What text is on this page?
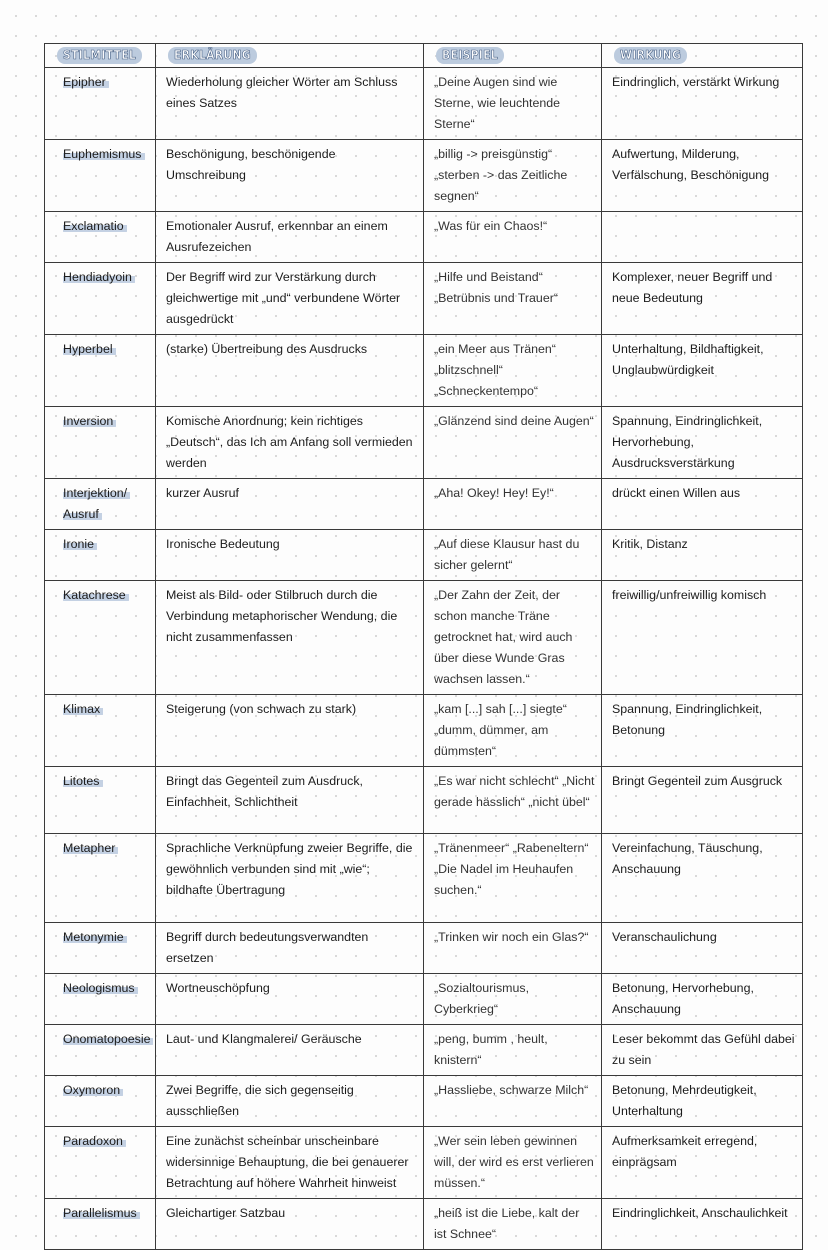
STILMITTEL	ERKLÄRUNG	BEISPIEL	WIRKUNG
Epipher	Wiederholung gleicher Wörter am Schluss eines Satzes	„Deine Augen sind wie Sterne, wie leuchtende Sterne“	Eindringlich, verstärkt Wirkung
Euphemismus	Beschönigung, beschönigende Umschreibung	„billig -> preisgünstig“ „sterben -> das Zeitliche segnen“	Aufwertung, Milderung, Verfälschung, Beschönigung
Exclamatio	Emotionaler Ausruf, erkennbar an einem Ausrufezeichen	„Was für ein Chaos!“	
Hendiadyoin	Der Begriff wird zur Verstärkung durch gleichwertige mit „und“ verbundene Wörter ausgedrückt	„Hilfe und Beistand“ „Betrübnis und Trauer“	Komplexer, neuer Begriff und neue Bedeutung
Hyperbel	(starke) Übertreibung des Ausdrucks	„ein Meer aus Tränen“ „blitzschnell“ „Schneckentempo“	Unterhaltung, Bildhaftigkeit, Unglaubwürdigkeit
Inversion	Komische Anordnung; kein richtiges „Deutsch“, das Ich am Anfang soll vermieden werden	„Glänzend sind deine Augen“	Spannung, Eindringlichkeit, Hervorhebung, Ausdrucksverstärkung
Interjektion/ Ausruf	kurzer Ausruf	„Aha! Okey! Hey! Ey!“	drückt einen Willen aus
Ironie	Ironische Bedeutung	„Auf diese Klausur hast du sicher gelernt“	Kritik, Distanz
Katachrese	Meist als Bild- oder Stilbruch durch die Verbindung metaphorischer Wendung, die nicht zusammenfassen	„Der Zahn der Zeit, der schon manche Träne getrocknet hat, wird auch über diese Wunde Gras wachsen lassen.“	freiwillig/unfreiwillig komisch
Klimax	Steigerung (von schwach zu stark)	„kam [...] sah [...] siegte“ „dumm, dümmer, am dümmsten“	Spannung, Eindringlichkeit, Betonung
Litotes	Bringt das Gegenteil zum Ausdruck, Einfachheit, Schlichtheit	„Es war nicht schlecht“ „Nicht gerade hässlich“ „nicht übel“	Bringt Gegenteil zum Ausgruck
Metapher	Sprachliche Verknüpfung zweier Begriffe, die gewöhnlich verbunden sind mit „wie“; bildhafte Übertragung	„Tränenmeer“ „Rabeneltern“ „Die Nadel im Heuhaufen suchen.“	Vereinfachung, Täuschung, Anschauung
Metonymie	Begriff durch bedeutungsverwandten ersetzen	„Trinken wir noch ein Glas?“	Veranschaulichung
Neologismus	Wortneuschöpfung	„Sozialtourismus, Cyberkrieg“	Betonung, Hervorhebung, Anschauung
Onomatopoesie	Laut- und Klangmalerei/ Geräusche	„peng, bumm , heult, knistern“	Leser bekommt das Gefühl dabei zu sein
Oxymoron	Zwei Begriffe, die sich gegenseitig ausschließen	„Hassliebe, schwarze Milch“	Betonung, Mehrdeutigkeit, Unterhaltung
Paradoxon	Eine zunächst scheinbar unscheinbare widersinnige Behauptung, die bei genauerer Betrachtung auf höhere Wahrheit hinweist	„Wer sein leben gewinnen will, der wird es erst verlieren müssen.“	Aufmerksamkeit erregend, einprägsam
Parallelismus	Gleichartiger Satzbau	„heiß ist die Liebe, kalt der ist Schnee“	Eindringlichkeit, Anschaulichkeit
